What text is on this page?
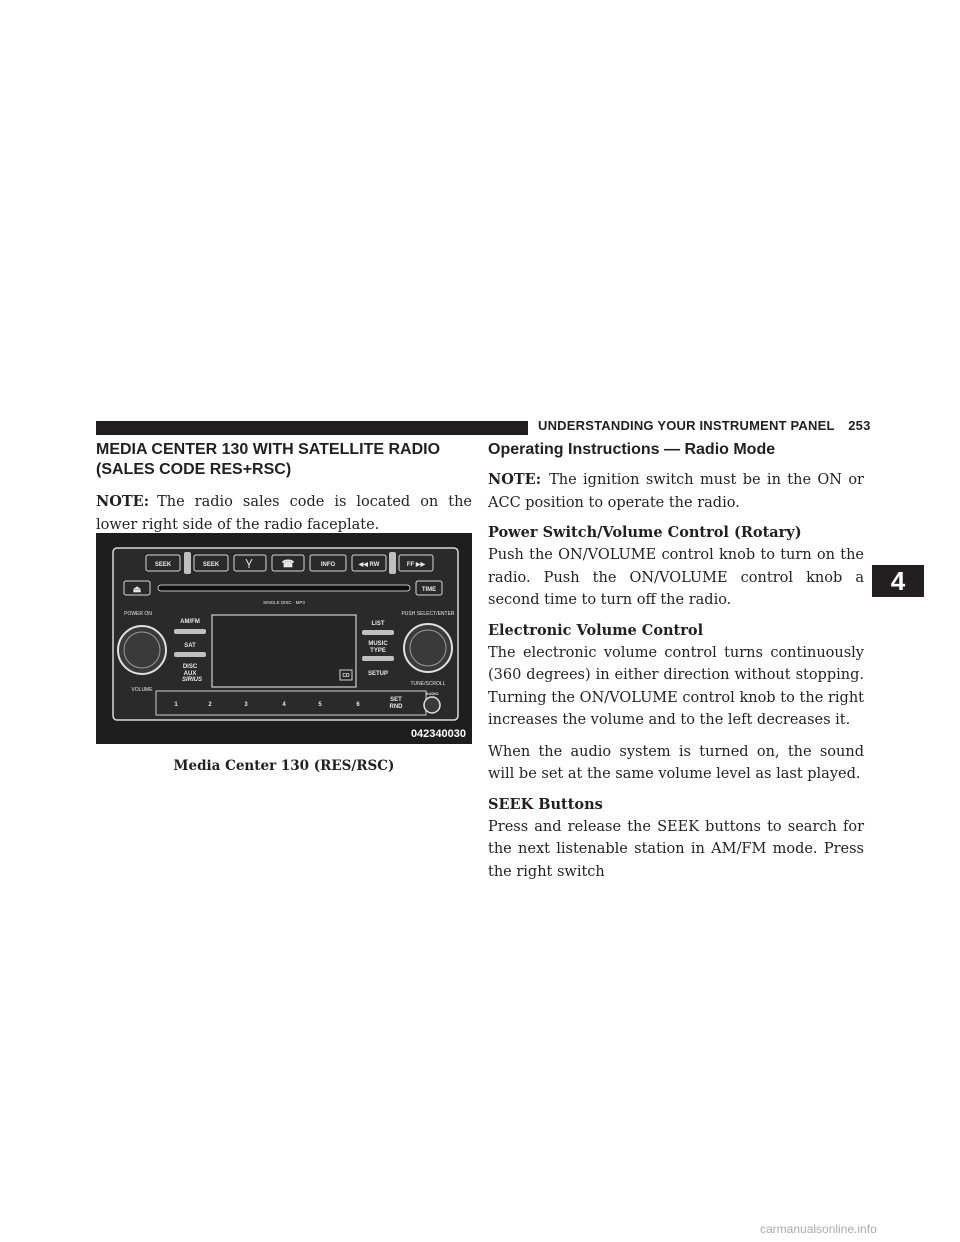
UNDERSTANDING YOUR INSTRUMENT PANEL 253
4
MEDIA CENTER 130 WITH SATELLITE RADIO (SALES CODE RES+RSC)

NOTE: The radio sales code is located on the lower right side of the radio faceplate.

SEEK	SEEK	☎	INFO	◀◀ RW	FF ▶▶
⏏	TIME
SINGLE DISC · MP3
POWER ON
VOLUME
AM/FM
SAT
DISC
AUX
SIRIUS
CD
LIST
MUSIC
TYPE
SETUP
PUSH SELECT/ENTER
TUNE/SCROLL
1	2	3	4	5	6
SET
RND
AUDIO
042340030

Media Center 130 (RES/RSC)

Operating Instructions — Radio Mode

NOTE: The ignition switch must be in the ON or ACC position to operate the radio.

Power Switch/Volume Control (Rotary)

Push the ON/VOLUME control knob to turn on the radio. Push the ON/VOLUME control knob a second time to turn off the radio.

Electronic Volume Control

The electronic volume control turns continuously (360 degrees) in either direction without stopping. Turning the ON/VOLUME control knob to the right increases the volume and to the left decreases it.

When the audio system is turned on, the sound will be set at the same volume level as last played.

SEEK Buttons

Press and release the SEEK buttons to search for the next listenable station in AM/FM mode. Press the right switch

carmanualsonline.info
